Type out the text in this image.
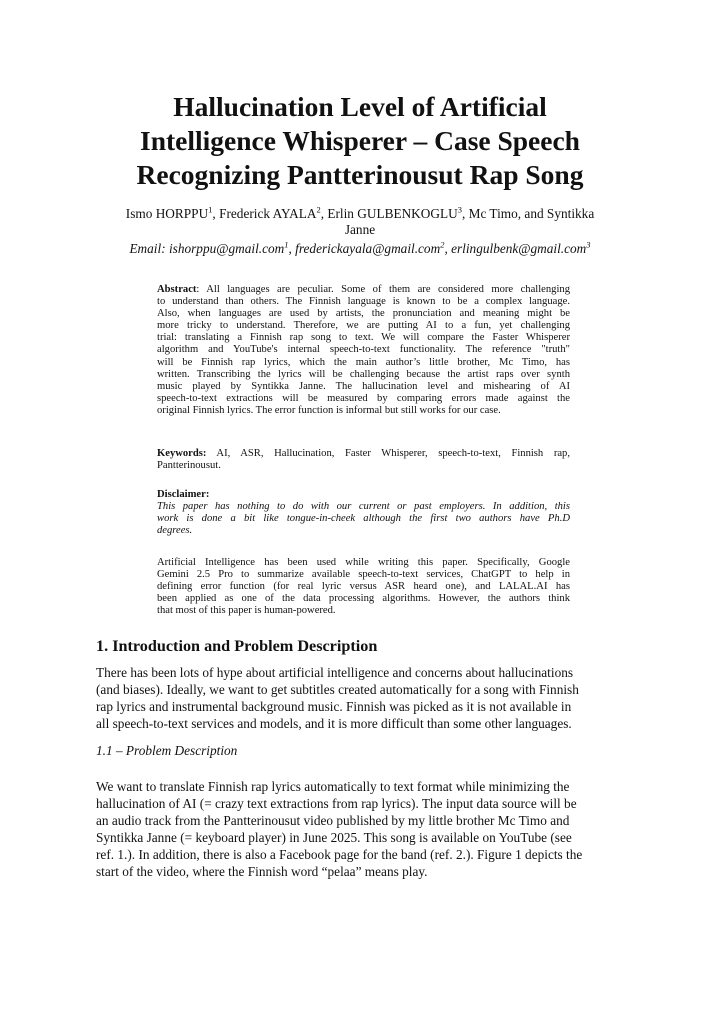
Hallucination Level of Artificial
Intelligence Whisperer – Case Speech
Recognizing Pantterinousut Rap Song
Ismo HORPPU$^1$, Frederick AYALA$^2$, Erlin GULBENKOGLU$^3$, Mc Timo, and Syntikka
Janne
Email: ishorppu@gmail.com$^1$, frederickayala@gmail.com$^2$, erlingulbenk@gmail.com$^3$
Abstract: All languages are peculiar. Some of them are considered more challenging
to understand than others. The Finnish language is known to be a complex language.
Also, when languages are used by artists, the pronunciation and meaning might be
more tricky to understand. Therefore, we are putting AI to a fun, yet challenging
trial: translating a Finnish rap song to text. We will compare the Faster Whisperer
algorithm and YouTube's internal speech-to-text functionality. The reference "truth"
will be Finnish rap lyrics, which the main author’s little brother, Mc Timo, has
written. Transcribing the lyrics will be challenging because the artist raps over synth
music played by Syntikka Janne. The hallucination level and mishearing of AI
speech-to-text extractions will be measured by comparing errors made against the
original Finnish lyrics. The error function is informal but still works for our case.
Keywords: AI, ASR, Hallucination, Faster Whisperer, speech-to-text, Finnish rap,
Pantterinousut.
Disclaimer:
This paper has nothing to do with our current or past employers. In addition, this
work is done a bit like tongue-in-cheek although the first two authors have Ph.D
degrees.
Artificial Intelligence has been used while writing this paper. Specifically, Google
Gemini 2.5 Pro to summarize available speech-to-text services, ChatGPT to help in
defining error function (for real lyric versus ASR heard one), and LALAL.AI has
been applied as one of the data processing algorithms. However, the authors think
that most of this paper is human-powered.
1. Introduction and Problem Description
There has been lots of hype about artificial intelligence and concerns about hallucinations
(and biases). Ideally, we want to get subtitles created automatically for a song with Finnish
rap lyrics and instrumental background music. Finnish was picked as it is not available in
all speech-to-text services and models, and it is more difficult than some other languages.
1.1 – Problem Description
We want to translate Finnish rap lyrics automatically to text format while minimizing the
hallucination of AI (= crazy text extractions from rap lyrics). The input data source will be
an audio track from the Pantterinousut video published by my little brother Mc Timo and
Syntikka Janne (= keyboard player) in June 2025. This song is available on YouTube (see
ref. 1.). In addition, there is also a Facebook page for the band (ref. 2.). Figure 1 depicts the
start of the video, where the Finnish word “pelaa” means play.
